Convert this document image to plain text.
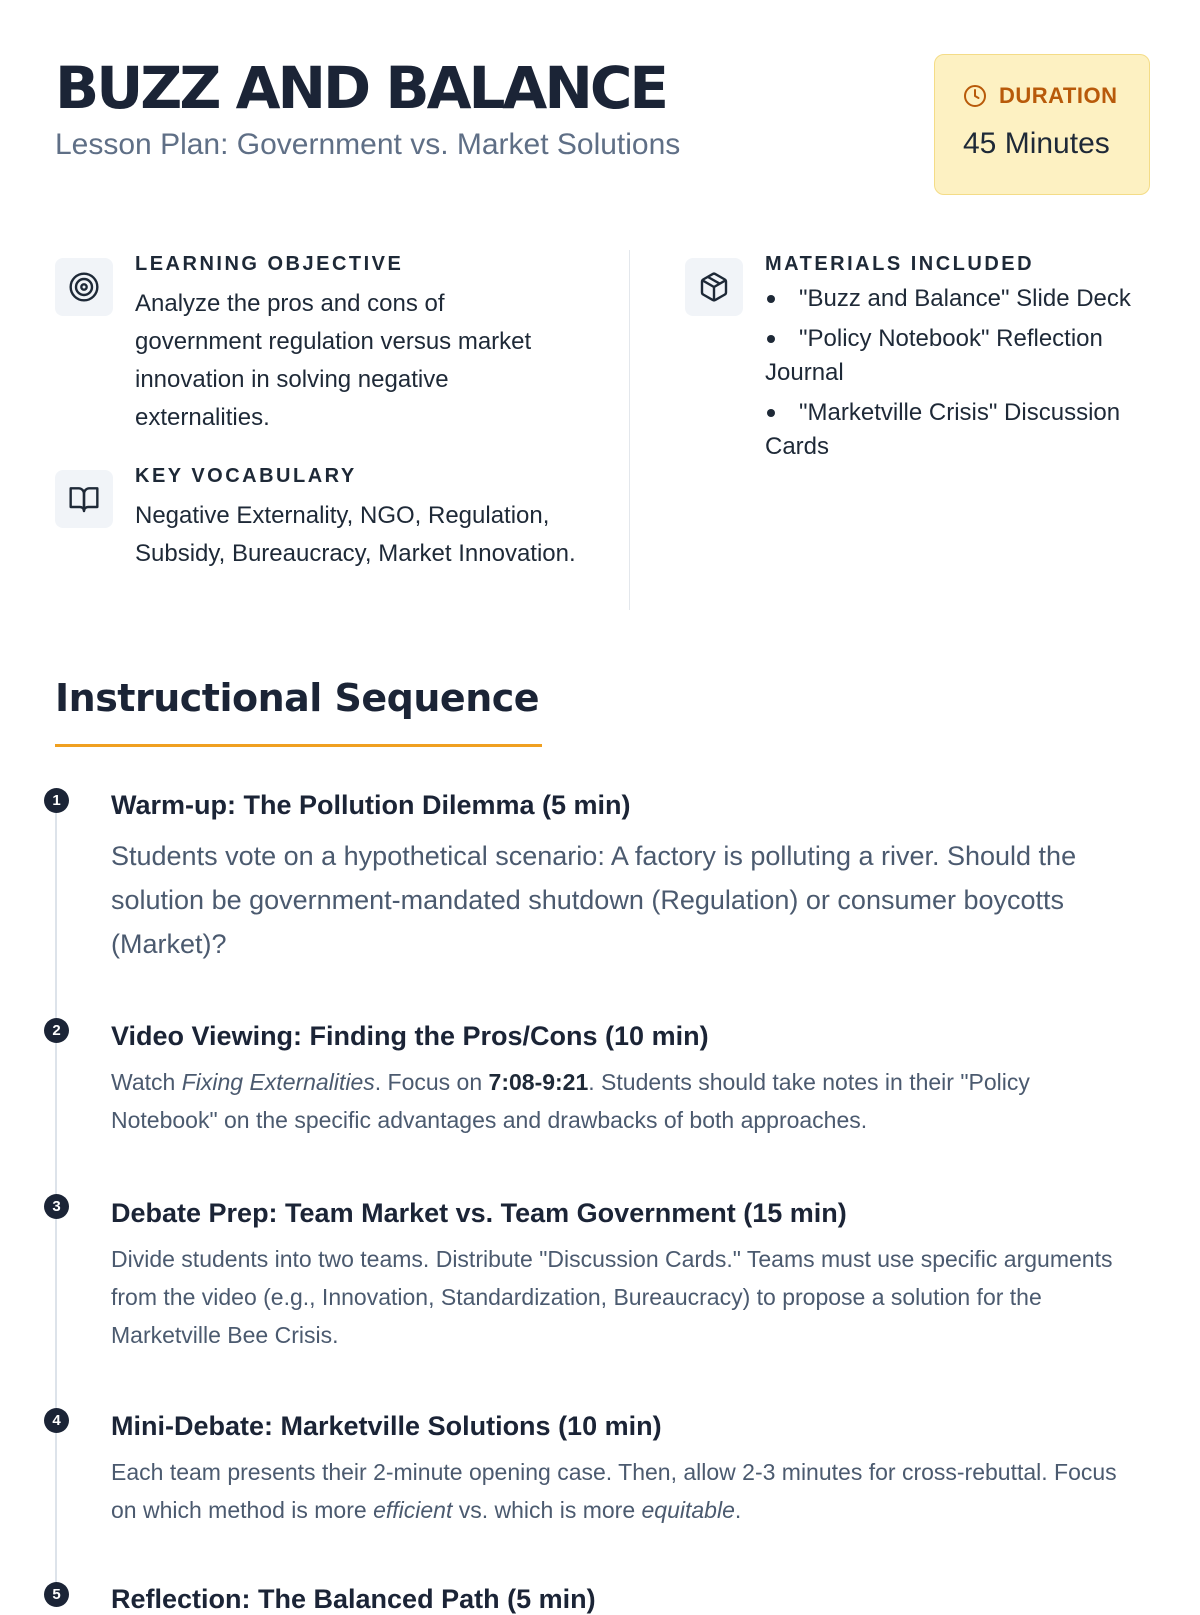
BUZZ AND BALANCE

Lesson Plan: Government vs. Market Solutions

DURATION
45 Minutes
LEARNING OBJECTIVE

Analyze the pros and cons of government regulation versus market innovation in solving negative externalities.

KEY VOCABULARY

Negative Externality, NGO, Regulation, Subsidy, Bureaucracy, Market Innovation.

MATERIALS INCLUDED
"Buzz and Balance" Slide Deck
"Policy Notebook" Reflection Journal
"Marketville Crisis" Discussion Cards
Instructional Sequence
1	Warm-up: The Pollution Dilemma (5 min)

Students vote on a hypothetical scenario: A factory is polluting a river. Should the solution be government-mandated shutdown (Regulation) or consumer boycotts (Market)?

2	Video Viewing: Finding the Pros/Cons (10 min)

Watch Fixing Externalities. Focus on 7:08-9:21. Students should take notes in their "Policy Notebook" on the specific advantages and drawbacks of both approaches.

3	Debate Prep: Team Market vs. Team Government (15 min)

Divide students into two teams. Distribute "Discussion Cards." Teams must use specific arguments from the video (e.g., Innovation, Standardization, Bureaucracy) to propose a solution for the Marketville Bee Crisis.

4	Mini-Debate: Marketville Solutions (10 min)

Each team presents their 2-minute opening case. Then, allow 2-3 minutes for cross-rebuttal. Focus on which method is more efficient vs. which is more equitable.

5	Reflection: The Balanced Path (5 min)
